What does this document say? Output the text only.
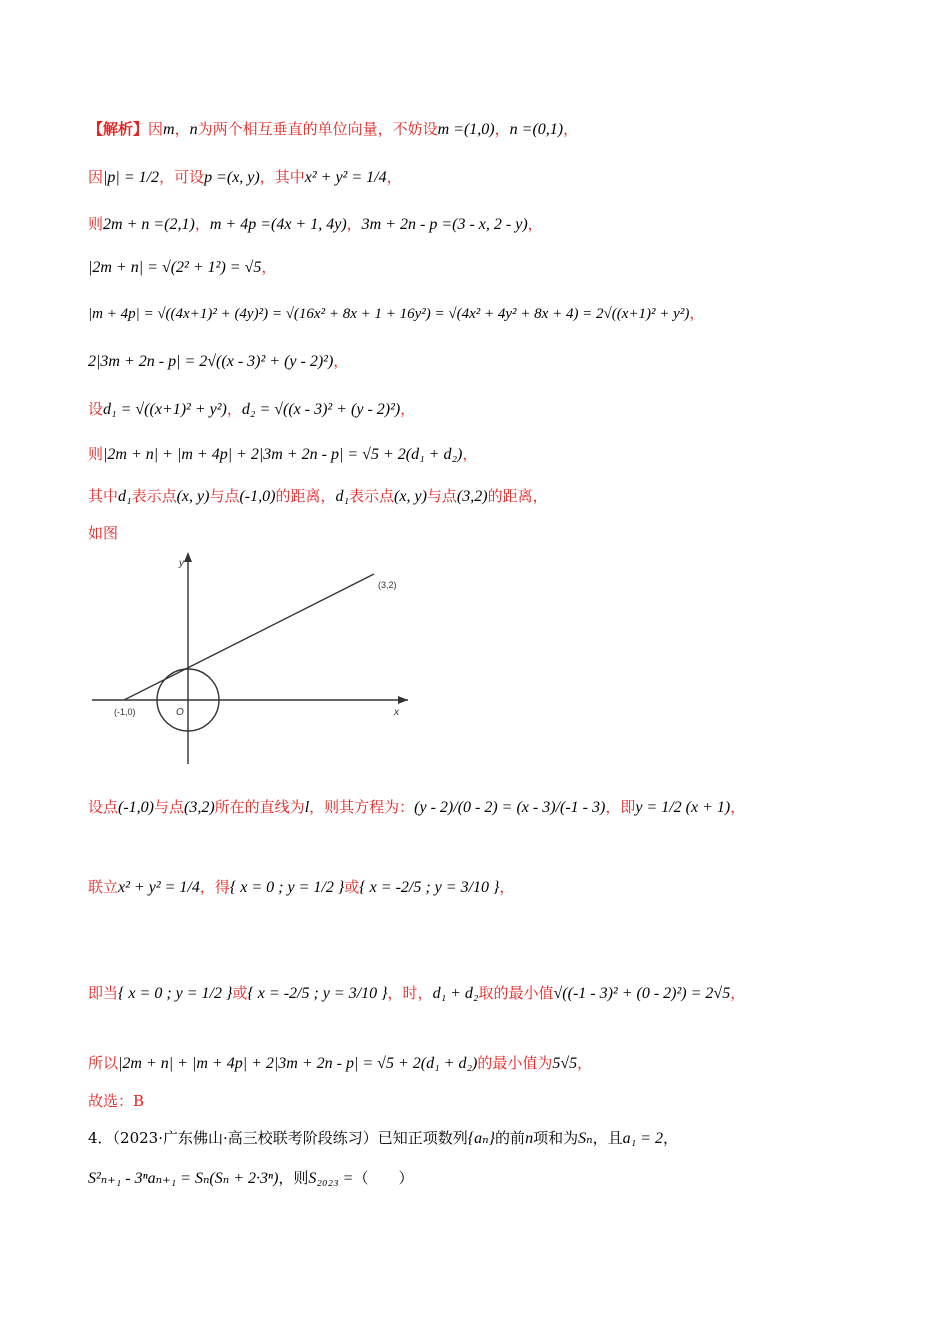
【解析】因m，n为两个相互垂直的单位向量，不妨设m =(1,0)，n =(0,1)，
因|p| = 1/2，可设p =(x, y)，其中x² + y² = 1/4，
则2m + n =(2,1)，m + 4p =(4x + 1, 4y)，3m + 2n - p =(3 - x, 2 - y)，
|2m + n| = √(2² + 1²) = √5，
|m + 4p| = √((4x+1)² + (4y)²) = √(16x² + 8x + 1 + 16y²) = √(4x² + 4y² + 8x + 4) = 2√((x+1)² + y²)，
2|3m + 2n - p| = 2√((x - 3)² + (y - 2)²)，
设d₁ = √((x+1)² + y²)，d₂ = √((x - 3)² + (y - 2)²)，
则|2m + n| + |m + 4p| + 2|3m + 2n - p| = √5 + 2(d₁ + d₂)，
其中d₁表示点(x, y)与点(-1,0)的距离，d₁表示点(x, y)与点(3,2)的距离，
如图
y
x
O
(-1,0)
(3,2)
设点(-1,0)与点(3,2)所在的直线为l，则其方程为：(y - 2)/(0 - 2) = (x - 3)/(-1 - 3)，即y = 1/2 (x + 1)，
联立x² + y² = 1/4，得{ x = 0 ; y = 1/2 }或{ x = -2/5 ; y = 3/10 }，
即当{ x = 0 ; y = 1/2 }或{ x = -2/5 ; y = 3/10 }，时，d₁ + d₂取的最小值√((-1 - 3)² + (0 - 2)²) = 2√5，
所以|2m + n| + |m + 4p| + 2|3m + 2n - p| = √5 + 2(d₁ + d₂)的最小值为5√5，
故选：B
4．（2023·广东佛山·高三校联考阶段练习）已知正项数列{aₙ}的前n项和为Sₙ，且a₁ = 2，
S²ₙ₊₁ - 3ⁿaₙ₊₁ = Sₙ(Sₙ + 2·3ⁿ)，则S₂₀₂₃ =（　　）
